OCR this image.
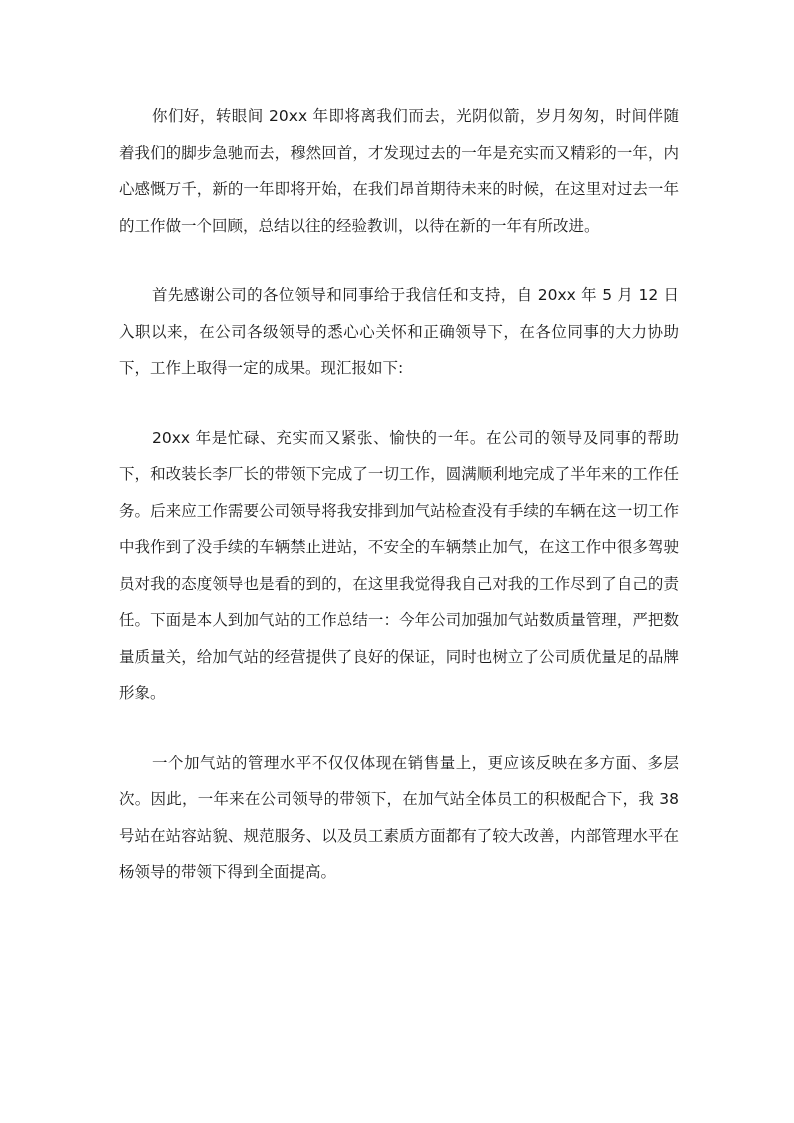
你们好，转眼间 20xx 年即将离我们而去，光阴似箭，岁月匆匆，时间伴随着我们的脚步急驰而去，穆然回首，才发现过去的一年是充实而又精彩的一年，内心感慨万千，新的一年即将开始，在我们昂首期待未来的时候，在这里对过去一年的工作做一个回顾，总结以往的经验教训，以待在新的一年有所改进。

首先感谢公司的各位领导和同事给于我信任和支持，自 20xx 年 5 月 12 日入职以来，在公司各级领导的悉心心关怀和正确领导下，在各位同事的大力协助下，工作上取得一定的成果。现汇报如下:

20xx 年是忙碌、充实而又紧张、愉快的一年。在公司的领导及同事的帮助下，和改装长李厂长的带领下完成了一切工作，圆满顺利地完成了半年来的工作任务。后来应工作需要公司领导将我安排到加气站检查没有手续的车辆在这一切工作中我作到了没手续的车辆禁止进站，不安全的车辆禁止加气，在这工作中很多驾驶员对我的态度领导也是看的到的，在这里我觉得我自己对我的工作尽到了自己的责任。下面是本人到加气站的工作总结一：今年公司加强加气站数质量管理，严把数量质量关，给加气站的经营提供了良好的保证，同时也树立了公司质优量足的品牌形象。

一个加气站的管理水平不仅仅体现在销售量上，更应该反映在多方面、多层次。因此，一年来在公司领导的带领下，在加气站全体员工的积极配合下，我 38 号站在站容站貌、规范服务、以及员工素质方面都有了较大改善，内部管理水平在杨领导的带领下得到全面提高。
